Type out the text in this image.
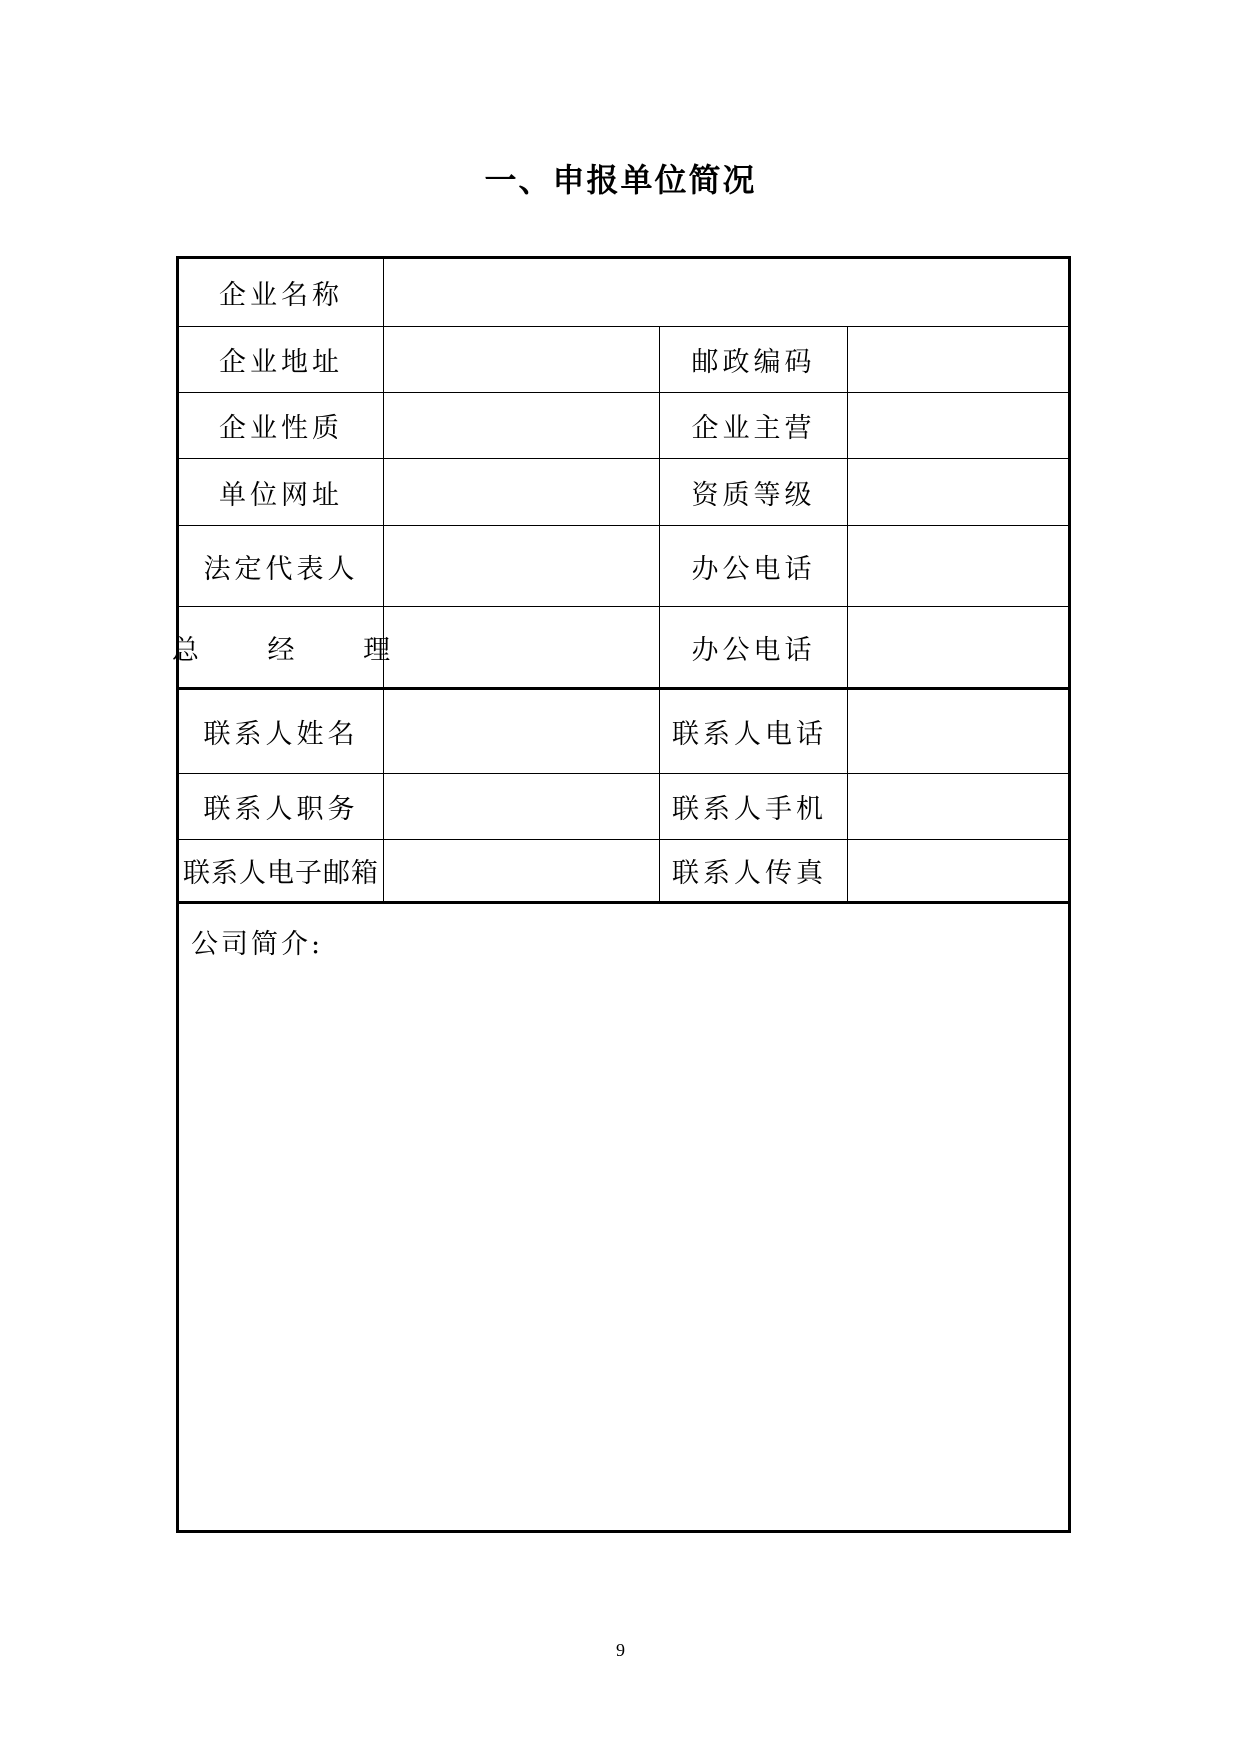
一、申报单位简况
企业名称
企业地址	邮政编码
企业性质	企业主营
单位网址	资质等级
法定代表人	办公电话
总 经 理	办公电话
联系人姓名	联系人电话
联系人职务	联系人手机
联系人电子邮箱	联系人传真
公司简介:
9
